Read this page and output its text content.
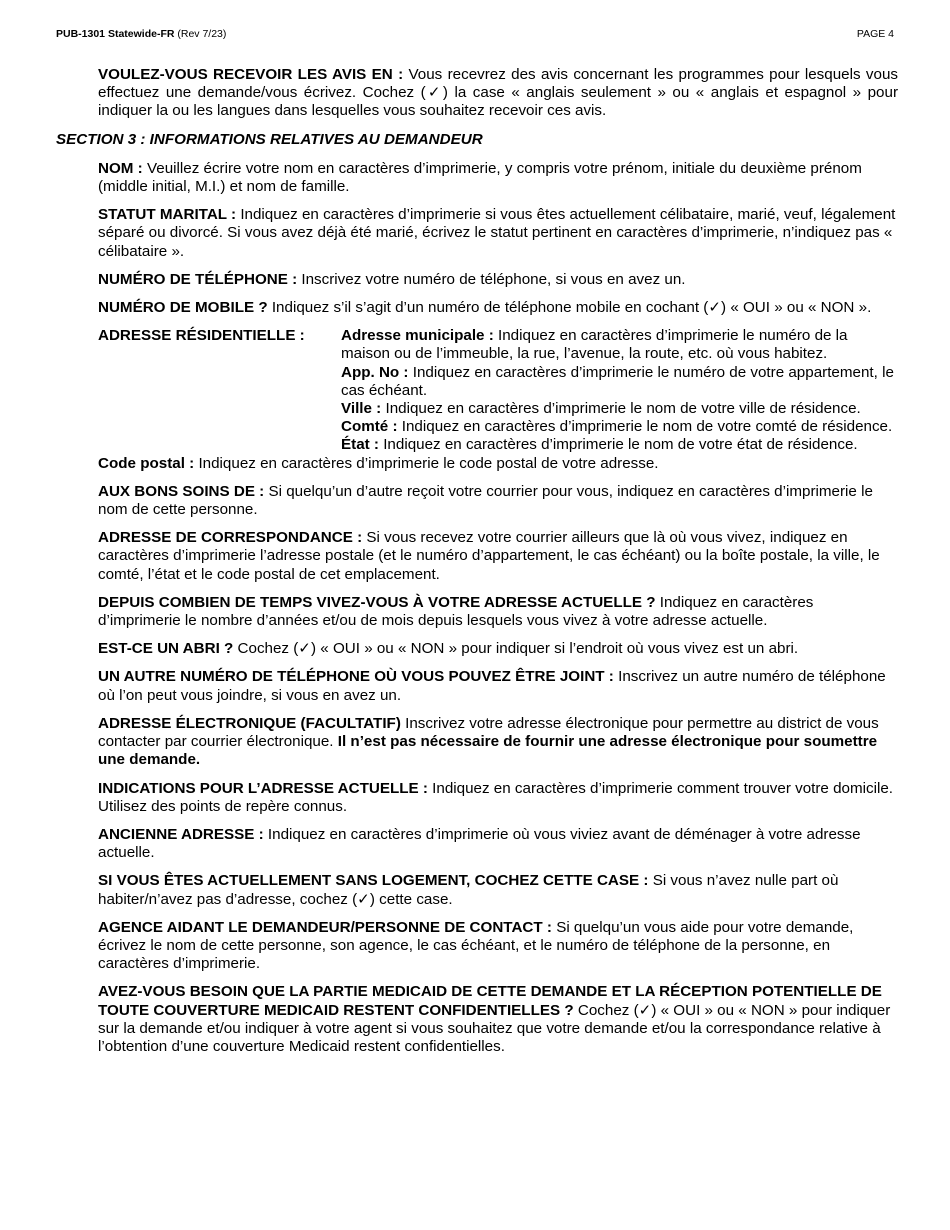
PUB-1301 Statewide-FR (Rev 7/23)	PAGE 4

VOULEZ-VOUS RECEVOIR LES AVIS EN : Vous recevrez des avis concernant les programmes pour lesquels vous effectuez une demande/vous écrivez. Cochez (✓) la case « anglais seulement » ou « anglais et espagnol » pour indiquer la ou les langues dans lesquelles vous souhaitez recevoir ces avis.

SECTION 3 : INFORMATIONS RELATIVES AU DEMANDEUR

NOM : Veuillez écrire votre nom en caractères d’imprimerie, y compris votre prénom, initiale du deuxième prénom (middle initial, M.I.) et nom de famille.

STATUT MARITAL : Indiquez en caractères d’imprimerie si vous êtes actuellement célibataire, marié, veuf, légalement séparé ou divorcé. Si vous avez déjà été marié, écrivez le statut pertinent en caractères d’imprimerie, n’indiquez pas « célibataire ».

NUMÉRO DE TÉLÉPHONE : Inscrivez votre numéro de téléphone, si vous en avez un.

NUMÉRO DE MOBILE ? Indiquez s’il s’agit d’un numéro de téléphone mobile en cochant (✓) « OUI » ou « NON ».

ADRESSE RÉSIDENTIELLE :	Adresse municipale : Indiquez en caractères d’imprimerie le numéro de la maison ou de l’immeuble, la rue, l’avenue, la route, etc. où vous habitez.
App. No : Indiquez en caractères d’imprimerie le numéro de votre appartement, le cas échéant.
Ville : Indiquez en caractères d’imprimerie le nom de votre ville de résidence.
Comté : Indiquez en caractères d’imprimerie le nom de votre comté de résidence.
État : Indiquez en caractères d’imprimerie le nom de votre état de résidence.

Code postal : Indiquez en caractères d’imprimerie le code postal de votre adresse.

AUX BONS SOINS DE : Si quelqu’un d’autre reçoit votre courrier pour vous, indiquez en caractères d’imprimerie le nom de cette personne.

ADRESSE DE CORRESPONDANCE : Si vous recevez votre courrier ailleurs que là où vous vivez, indiquez en caractères d’imprimerie l’adresse postale (et le numéro d’appartement, le cas échéant) ou la boîte postale, la ville, le comté, l’état et le code postal de cet emplacement.

DEPUIS COMBIEN DE TEMPS VIVEZ-VOUS À VOTRE ADRESSE ACTUELLE ? Indiquez en caractères d’imprimerie le nombre d’années et/ou de mois depuis lesquels vous vivez à votre adresse actuelle.

EST-CE UN ABRI ? Cochez (✓) « OUI » ou « NON » pour indiquer si l’endroit où vous vivez est un abri.

UN AUTRE NUMÉRO DE TÉLÉPHONE OÙ VOUS POUVEZ ÊTRE JOINT : Inscrivez un autre numéro de téléphone où l’on peut vous joindre, si vous en avez un.

ADRESSE ÉLECTRONIQUE (FACULTATIF) Inscrivez votre adresse électronique pour permettre au district de vous contacter par courrier électronique. Il n’est pas nécessaire de fournir une adresse électronique pour soumettre une demande.

INDICATIONS POUR L’ADRESSE ACTUELLE : Indiquez en caractères d’imprimerie comment trouver votre domicile. Utilisez des points de repère connus.

ANCIENNE ADRESSE : Indiquez en caractères d’imprimerie où vous viviez avant de déménager à votre adresse actuelle.

SI VOUS ÊTES ACTUELLEMENT SANS LOGEMENT, COCHEZ CETTE CASE : Si vous n’avez nulle part où habiter/n’avez pas d’adresse, cochez (✓) cette case.

AGENCE AIDANT LE DEMANDEUR/PERSONNE DE CONTACT : Si quelqu’un vous aide pour votre demande, écrivez le nom de cette personne, son agence, le cas échéant, et le numéro de téléphone de la personne, en caractères d’imprimerie.

AVEZ-VOUS BESOIN QUE LA PARTIE MEDICAID DE CETTE DEMANDE ET LA RÉCEPTION POTENTIELLE DE TOUTE COUVERTURE MEDICAID RESTENT CONFIDENTIELLES ? Cochez (✓) « OUI » ou « NON » pour indiquer sur la demande et/ou indiquer à votre agent si vous souhaitez que votre demande et/ou la correspondance relative à l’obtention d’une couverture Medicaid restent confidentielles.
